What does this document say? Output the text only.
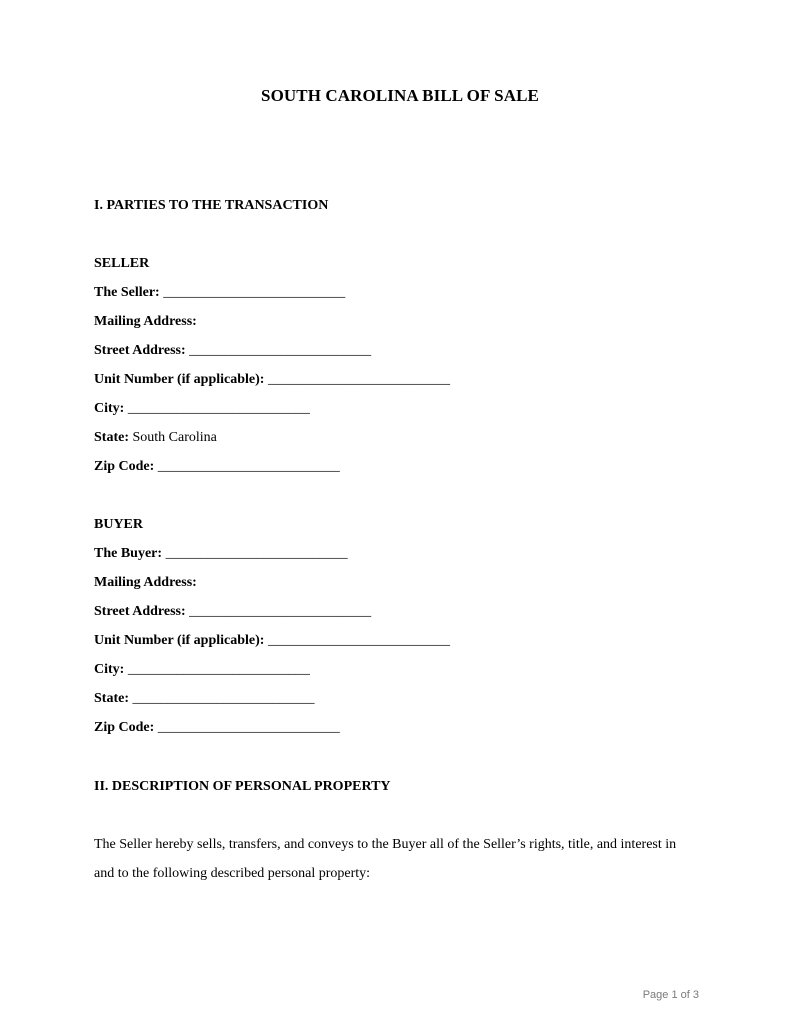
SOUTH CAROLINA BILL OF SALE
I. PARTIES TO THE TRANSACTION
SELLER
The Seller: __________________________
Mailing Address:
Street Address: __________________________
Unit Number (if applicable): __________________________
City: __________________________
State: South Carolina
Zip Code: __________________________
BUYER
The Buyer: __________________________
Mailing Address:
Street Address: __________________________
Unit Number (if applicable): __________________________
City: __________________________
State: __________________________
Zip Code: __________________________
II. DESCRIPTION OF PERSONAL PROPERTY
The Seller hereby sells, transfers, and conveys to the Buyer all of the Seller’s rights, title, and interest in
and to the following described personal property:
Page 1 of 3
